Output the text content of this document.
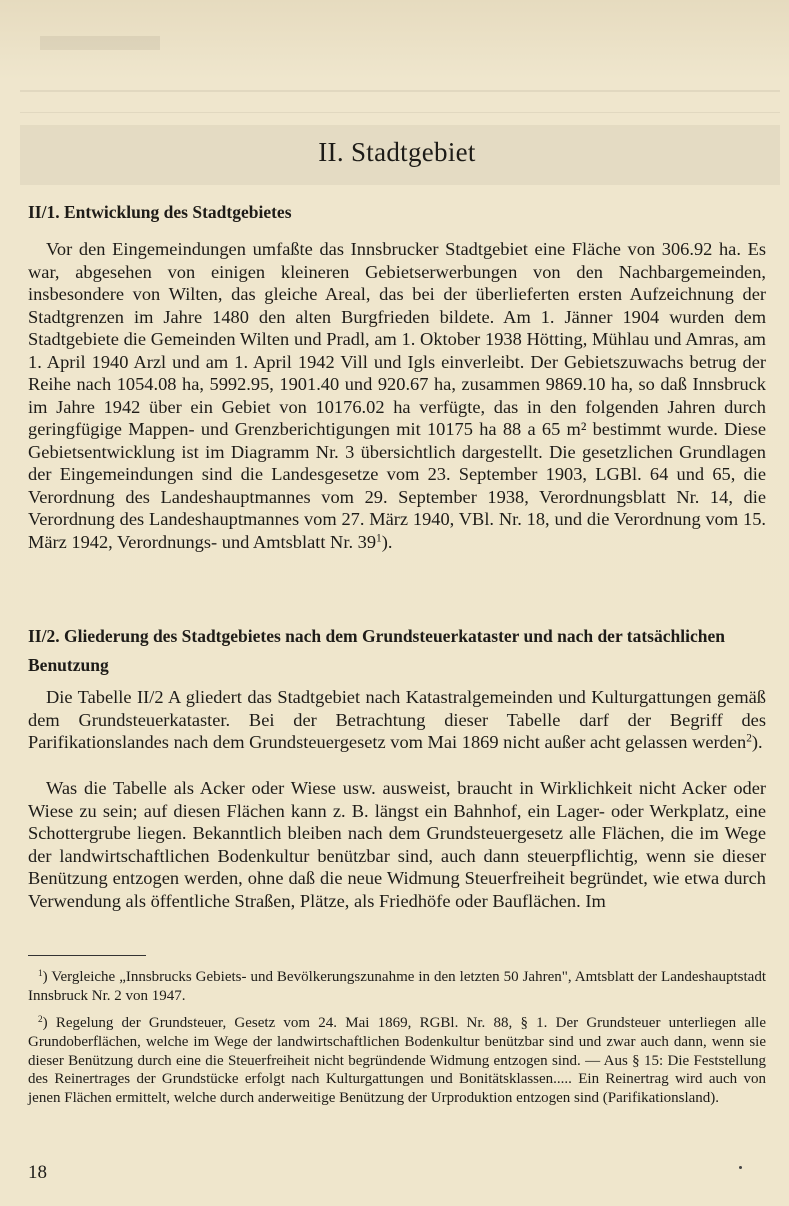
II. Stadtgebiet
II/1. Entwicklung des Stadtgebietes
Vor den Eingemeindungen umfaßte das Innsbrucker Stadtgebiet eine Fläche von 306.92 ha. Es war, abgesehen von einigen kleineren Gebietserwerbungen von den Nachbargemeinden, insbesondere von Wilten, das gleiche Areal, das bei der überlieferten ersten Aufzeichnung der Stadtgrenzen im Jahre 1480 den alten Burgfrieden bildete. Am 1. Jänner 1904 wurden dem Stadtgebiete die Gemeinden Wilten und Pradl, am 1. Oktober 1938 Hötting, Mühlau und Amras, am 1. April 1940 Arzl und am 1. April 1942 Vill und Igls einverleibt. Der Gebietszuwachs betrug der Reihe nach 1054.08 ha, 5992.95, 1901.40 und 920.67 ha, zusammen 9869.10 ha, so daß Innsbruck im Jahre 1942 über ein Gebiet von 10176.02 ha verfügte, das in den folgenden Jahren durch geringfügige Mappen- und Grenzberichtigungen mit 10175 ha 88 a 65 m² bestimmt wurde. Diese Gebietsentwicklung ist im Diagramm Nr. 3 übersichtlich dargestellt. Die gesetzlichen Grundlagen der Eingemeindungen sind die Landesgesetze vom 23. September 1903, LGBl. 64 und 65, die Verordnung des Landeshauptmannes vom 29. September 1938, Verordnungsblatt Nr. 14, die Verordnung des Landeshauptmannes vom 27. März 1940, VBl. Nr. 18, und die Verordnung vom 15. März 1942, Verordnungs- und Amtsblatt Nr. $39^1$).
II/2. Gliederung des Stadtgebietes nach dem Grundsteuerkataster und nach der tatsächlichen Benutzung
Die Tabelle II/2 A gliedert das Stadtgebiet nach Katastralgemeinden und Kulturgattungen gemäß dem Grundsteuerkataster. Bei der Betrachtung dieser Tabelle darf der Begriff des Parifikationslandes nach dem Grundsteuergesetz vom Mai 1869 nicht außer acht gelassen werden$^2$).
Was die Tabelle als Acker oder Wiese usw. ausweist, braucht in Wirklichkeit nicht Acker oder Wiese zu sein; auf diesen Flächen kann z. B. längst ein Bahnhof, ein Lager- oder Werkplatz, eine Schottergrube liegen. Bekanntlich bleiben nach dem Grundsteuergesetz alle Flächen, die im Wege der landwirtschaftlichen Bodenkultur benützbar sind, auch dann steuerpflichtig, wenn sie dieser Benützung entzogen werden, ohne daß die neue Widmung Steuerfreiheit begründet, wie etwa durch Verwendung als öffentliche Straßen, Plätze, als Friedhöfe oder Bauflächen. Im
$^1$) Vergleiche „Innsbrucks Gebiets- und Bevölkerungszunahme in den letzten 50 Jahren", Amtsblatt der Landeshauptstadt Innsbruck Nr. 2 von 1947.
$^2$) Regelung der Grundsteuer, Gesetz vom 24. Mai 1869, RGBl. Nr. 88, § 1. Der Grundsteuer unterliegen alle Grundoberflächen, welche im Wege der landwirtschaftlichen Bodenkultur benützbar sind und zwar auch dann, wenn sie dieser Benützung durch eine die Steuerfreiheit nicht begründende Widmung entzogen sind. — Aus § 15: Die Feststellung des Reinertrages der Grundstücke erfolgt nach Kulturgattungen und Bonitätsklassen..... Ein Reinertrag wird auch von jenen Flächen ermittelt, welche durch anderweitige Benützung der Urproduktion entzogen sind (Parifikationsland).
18
